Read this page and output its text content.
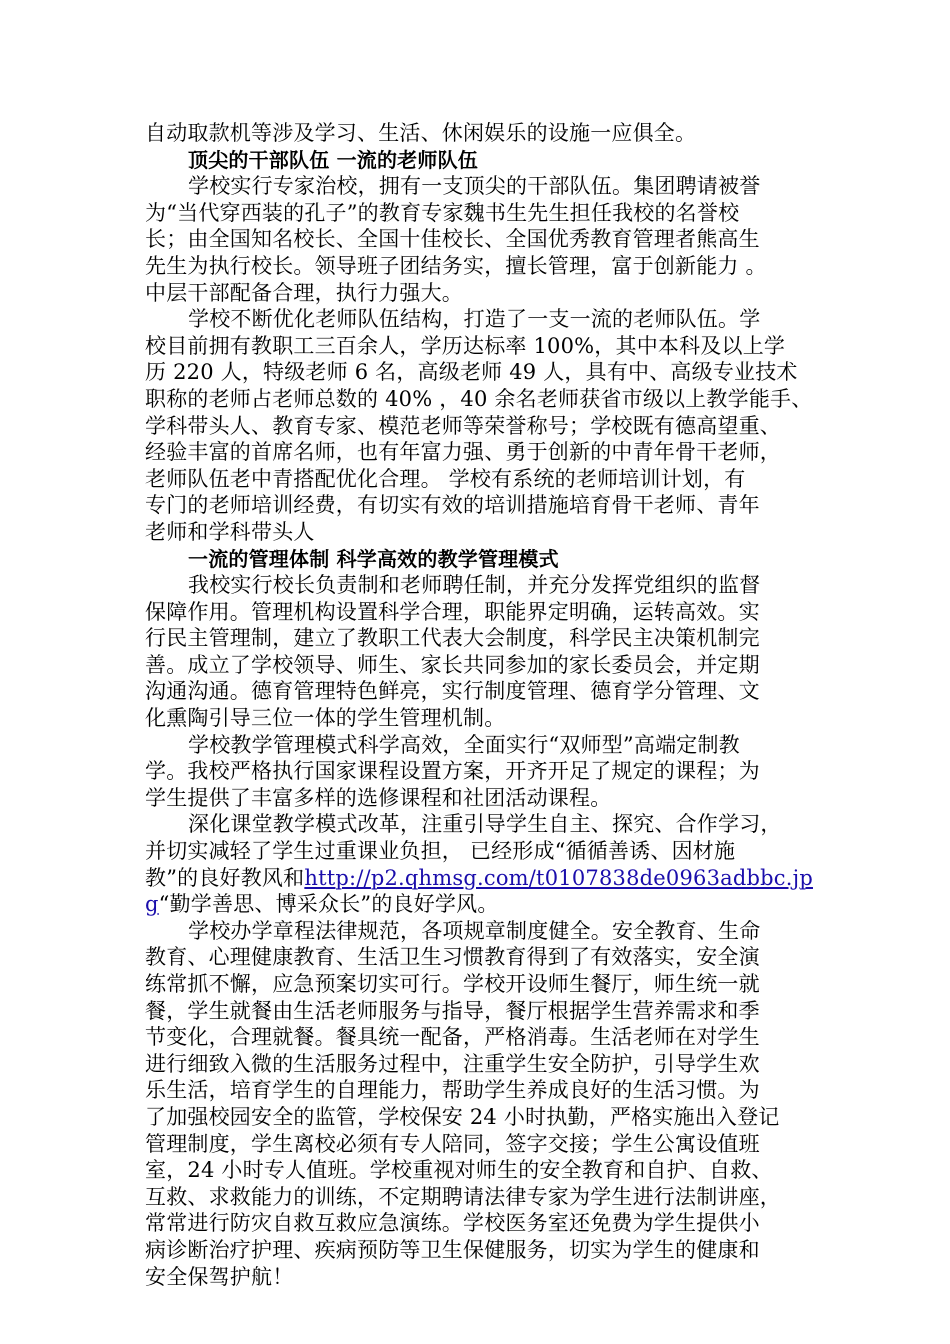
自动取款机等涉及学习、生活、休闲娱乐的设施一应俱全。
顶尖的干部队伍 一流的老师队伍
学校实行专家治校，拥有一支顶尖的干部队伍。集团聘请被誉
为“当代穿西装的孔子”的教育专家魏书生先生担任我校的名誉校
长；由全国知名校长、全国十佳校长、全国优秀教育管理者熊高生
先生为执行校长。领导班子团结务实，擅长管理，富于创新能力 。
中层干部配备合理，执行力强大。
学校不断优化老师队伍结构，打造了一支一流的老师队伍。学
校目前拥有教职工三百余人，学历达标率 100%，其中本科及以上学
历 220 人，特级老师 6 名，高级老师 49 人，具有中、高级专业技术
职称的老师占老师总数的 40% ，40 余名老师获省市级以上教学能手、
学科带头人、教育专家、模范老师等荣誉称号；学校既有德高望重、
经验丰富的首席名师，也有年富力强、勇于创新的中青年骨干老师，
老师队伍老中青搭配优化合理。 学校有系统的老师培训计划，有
专门的老师培训经费，有切实有效的培训措施培育骨干老师、青年
老师和学科带头人
一流的管理体制 科学高效的教学管理模式
我校实行校长负责制和老师聘任制，并充分发挥党组织的监督
保障作用。管理机构设置科学合理，职能界定明确，运转高效。实
行民主管理制，建立了教职工代表大会制度，科学民主决策机制完
善。成立了学校领导、师生、家长共同参加的家长委员会，并定期
沟通沟通。德育管理特色鲜亮，实行制度管理、德育学分管理、文
化熏陶引导三位一体的学生管理机制。
学校教学管理模式科学高效，全面实行“双师型”高端定制教
学。我校严格执行国家课程设置方案，开齐开足了规定的课程；为
学生提供了丰富多样的选修课程和社团活动课程。
深化课堂教学模式改革，注重引导学生自主、探究、合作学习，
并切实减轻了学生过重课业负担， 已经形成“循循善诱、因材施
教”的良好教风和http://p2.qhmsg.com/t0107838de0963adbbc.jp
g“勤学善思、博采众长”的良好学风。
学校办学章程法律规范，各项规章制度健全。安全教育、生命
教育、心理健康教育、生活卫生习惯教育得到了有效落实，安全演
练常抓不懈，应急预案切实可行。学校开设师生餐厅，师生统一就
餐，学生就餐由生活老师服务与指导，餐厅根据学生营养需求和季
节变化，合理就餐。餐具统一配备，严格消毒。生活老师在对学生
进行细致入微的生活服务过程中，注重学生安全防护，引导学生欢
乐生活，培育学生的自理能力，帮助学生养成良好的生活习惯。为
了加强校园安全的监管，学校保安 24 小时执勤，严格实施出入登记
管理制度，学生离校必须有专人陪同，签字交接；学生公寓设值班
室，24 小时专人值班。学校重视对师生的安全教育和自护、自救、
互救、求救能力的训练，不定期聘请法律专家为学生进行法制讲座，
常常进行防灾自救互救应急演练。学校医务室还免费为学生提供小
病诊断治疗护理、疾病预防等卫生保健服务，切实为学生的健康和
安全保驾护航！
